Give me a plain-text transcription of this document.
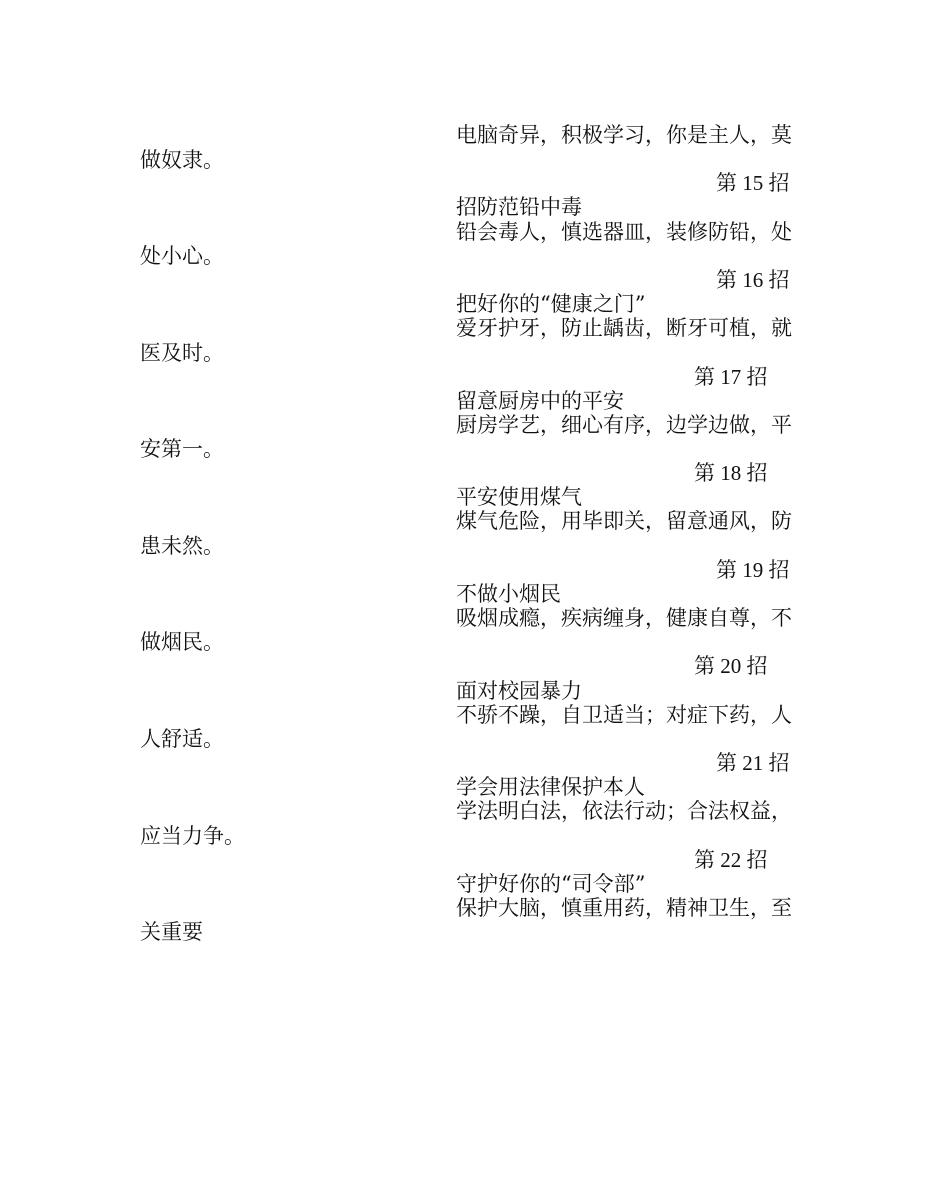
电脑奇异，积极学习，你是主人，莫
做奴隶。
第 15 招
招防范铅中毒
铅会毒人，慎选器皿，装修防铅，处
处小心。
第 16 招
把好你的“健康之门”
爱牙护牙，防止龋齿，断牙可植，就
医及时。
第 17 招
留意厨房中的平安
厨房学艺，细心有序，边学边做，平
安第一。
第 18 招
平安使用煤气
煤气危险，用毕即关，留意通风，防
患未然。
第 19 招
不做小烟民
吸烟成瘾，疾病缠身，健康自尊，不
做烟民。
第 20 招
面对校园暴力
不骄不躁，自卫适当；对症下药，人
人舒适。
第 21 招
学会用法律保护本人
学法明白法，依法行动；合法权益，
应当力争。
第 22 招
守护好你的“司令部”
保护大脑，慎重用药，精神卫生，至
关重要
